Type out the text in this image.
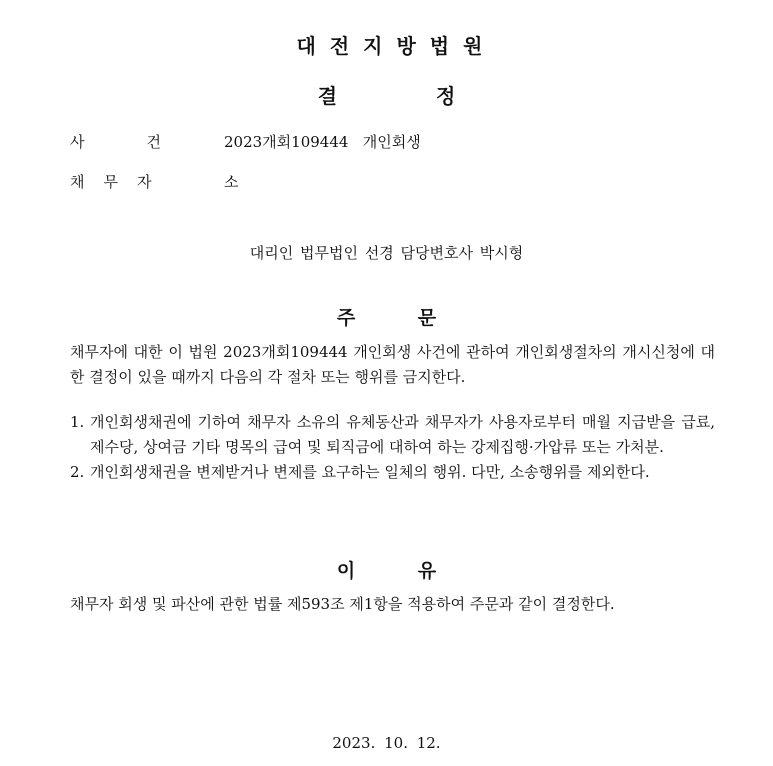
대전지방법원
결 정
사건2023개회109444 개인회생
채무자	소
대리인 법무법인 선경 담당변호사 박시형
주 문
채무자에 대한 이 법원 2023개회109444 개인회생 사건에 관하여 개인회생절차의 개시신청에 대한 결정이 있을 때까지 다음의 각 절차 또는 행위를 금지한다.
1. 개인회생채권에 기하여 채무자 소유의 유체동산과 채무자가 사용자로부터 매월 지급받을 급료, 제수당, 상여금 기타 명목의 급여 및 퇴직금에 대하여 하는 강제집행·가압류 또는 가처분.
2. 개인회생채권을 변제받거나 변제를 요구하는 일체의 행위. 다만, 소송행위를 제외한다.
이 유
채무자 회생 및 파산에 관한 법률 제593조 제1항을 적용하여 주문과 같이 결정한다.
2023. 10. 12.
